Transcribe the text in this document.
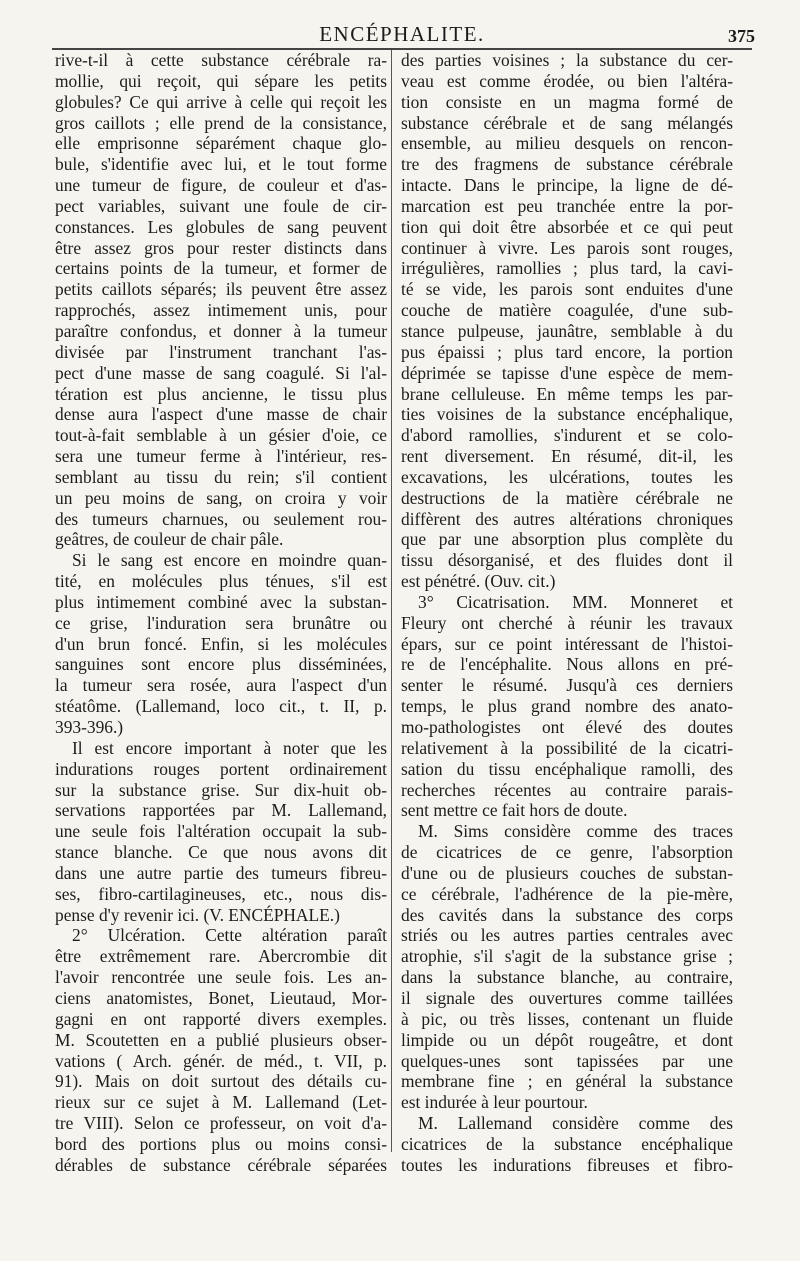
ENCÉPHALITE.	375
rive-t-il à cette substance cérébrale ra-
mollie, qui reçoit, qui sépare les petits
globules? Ce qui arrive à celle qui reçoit les
gros caillots ; elle prend de la consistance,
elle emprisonne séparément chaque glo-
bule, s'identifie avec lui, et le tout forme
une tumeur de figure, de couleur et d'as-
pect variables, suivant une foule de cir-
constances. Les globules de sang peuvent
être assez gros pour rester distincts dans
certains points de la tumeur, et former de
petits caillots séparés; ils peuvent être assez
rapprochés, assez intimement unis, pour
paraître confondus, et donner à la tumeur
divisée par l'instrument tranchant l'as-
pect d'une masse de sang coagulé. Si l'al-
tération est plus ancienne, le tissu plus
dense aura l'aspect d'une masse de chair
tout-à-fait semblable à un gésier d'oie, ce
sera une tumeur ferme à l'intérieur, res-
semblant au tissu du rein; s'il contient
un peu moins de sang, on croira y voir
des tumeurs charnues, ou seulement rou-
geâtres, de couleur de chair pâle.
Si le sang est encore en moindre quan-
tité, en molécules plus ténues, s'il est
plus intimement combiné avec la substan-
ce grise, l'induration sera brunâtre ou
d'un brun foncé. Enfin, si les molécules
sanguines sont encore plus disséminées,
la tumeur sera rosée, aura l'aspect d'un
stéatôme. (Lallemand, loco cit., t. II, p.
393-396.)
Il est encore important à noter que les
indurations rouges portent ordinairement
sur la substance grise. Sur dix-huit ob-
servations rapportées par M. Lallemand,
une seule fois l'altération occupait la sub-
stance blanche. Ce que nous avons dit
dans une autre partie des tumeurs fibreu-
ses, fibro-cartilagineuses, etc., nous dis-
pense d'y revenir ici. (V. ENCÉPHALE.)
2° Ulcération. Cette altération paraît
être extrêmement rare. Abercrombie dit
l'avoir rencontrée une seule fois. Les an-
ciens anatomistes, Bonet, Lieutaud, Mor-
gagni en ont rapporté divers exemples.
M. Scoutetten en a publié plusieurs obser-
vations ( Arch. génér. de méd., t. VII, p.
91). Mais on doit surtout des détails cu-
rieux sur ce sujet à M. Lallemand (Let-
tre VIII). Selon ce professeur, on voit d'a-
bord des portions plus ou moins consi-
dérables de substance cérébrale séparées
des parties voisines ; la substance du cer-
veau est comme érodée, ou bien l'altéra-
tion consiste en un magma formé de
substance cérébrale et de sang mélangés
ensemble, au milieu desquels on rencon-
tre des fragmens de substance cérébrale
intacte. Dans le principe, la ligne de dé-
marcation est peu tranchée entre la por-
tion qui doit être absorbée et ce qui peut
continuer à vivre. Les parois sont rouges,
irrégulières, ramollies ; plus tard, la cavi-
té se vide, les parois sont enduites d'une
couche de matière coagulée, d'une sub-
stance pulpeuse, jaunâtre, semblable à du
pus épaissi ; plus tard encore, la portion
déprimée se tapisse d'une espèce de mem-
brane celluleuse. En même temps les par-
ties voisines de la substance encéphalique,
d'abord ramollies, s'indurent et se colo-
rent diversement. En résumé, dit-il, les
excavations, les ulcérations, toutes les
destructions de la matière cérébrale ne
diffèrent des autres altérations chroniques
que par une absorption plus complète du
tissu désorganisé, et des fluides dont il
est pénétré. (Ouv. cit.)
3° Cicatrisation. MM. Monneret et
Fleury ont cherché à réunir les travaux
épars, sur ce point intéressant de l'histoi-
re de l'encéphalite. Nous allons en pré-
senter le résumé. Jusqu'à ces derniers
temps, le plus grand nombre des anato-
mo-pathologistes ont élevé des doutes
relativement à la possibilité de la cicatri-
sation du tissu encéphalique ramolli, des
recherches récentes au contraire parais-
sent mettre ce fait hors de doute.
M. Sims considère comme des traces
de cicatrices de ce genre, l'absorption
d'une ou de plusieurs couches de substan-
ce cérébrale, l'adhérence de la pie-mère,
des cavités dans la substance des corps
striés ou les autres parties centrales avec
atrophie, s'il s'agit de la substance grise ;
dans la substance blanche, au contraire,
il signale des ouvertures comme taillées
à pic, ou très lisses, contenant un fluide
limpide ou un dépôt rougeâtre, et dont
quelques-unes sont tapissées par une
membrane fine ; en général la substance
est indurée à leur pourtour.
M. Lallemand considère comme des
cicatrices de la substance encéphalique
toutes les indurations fibreuses et fibro-
